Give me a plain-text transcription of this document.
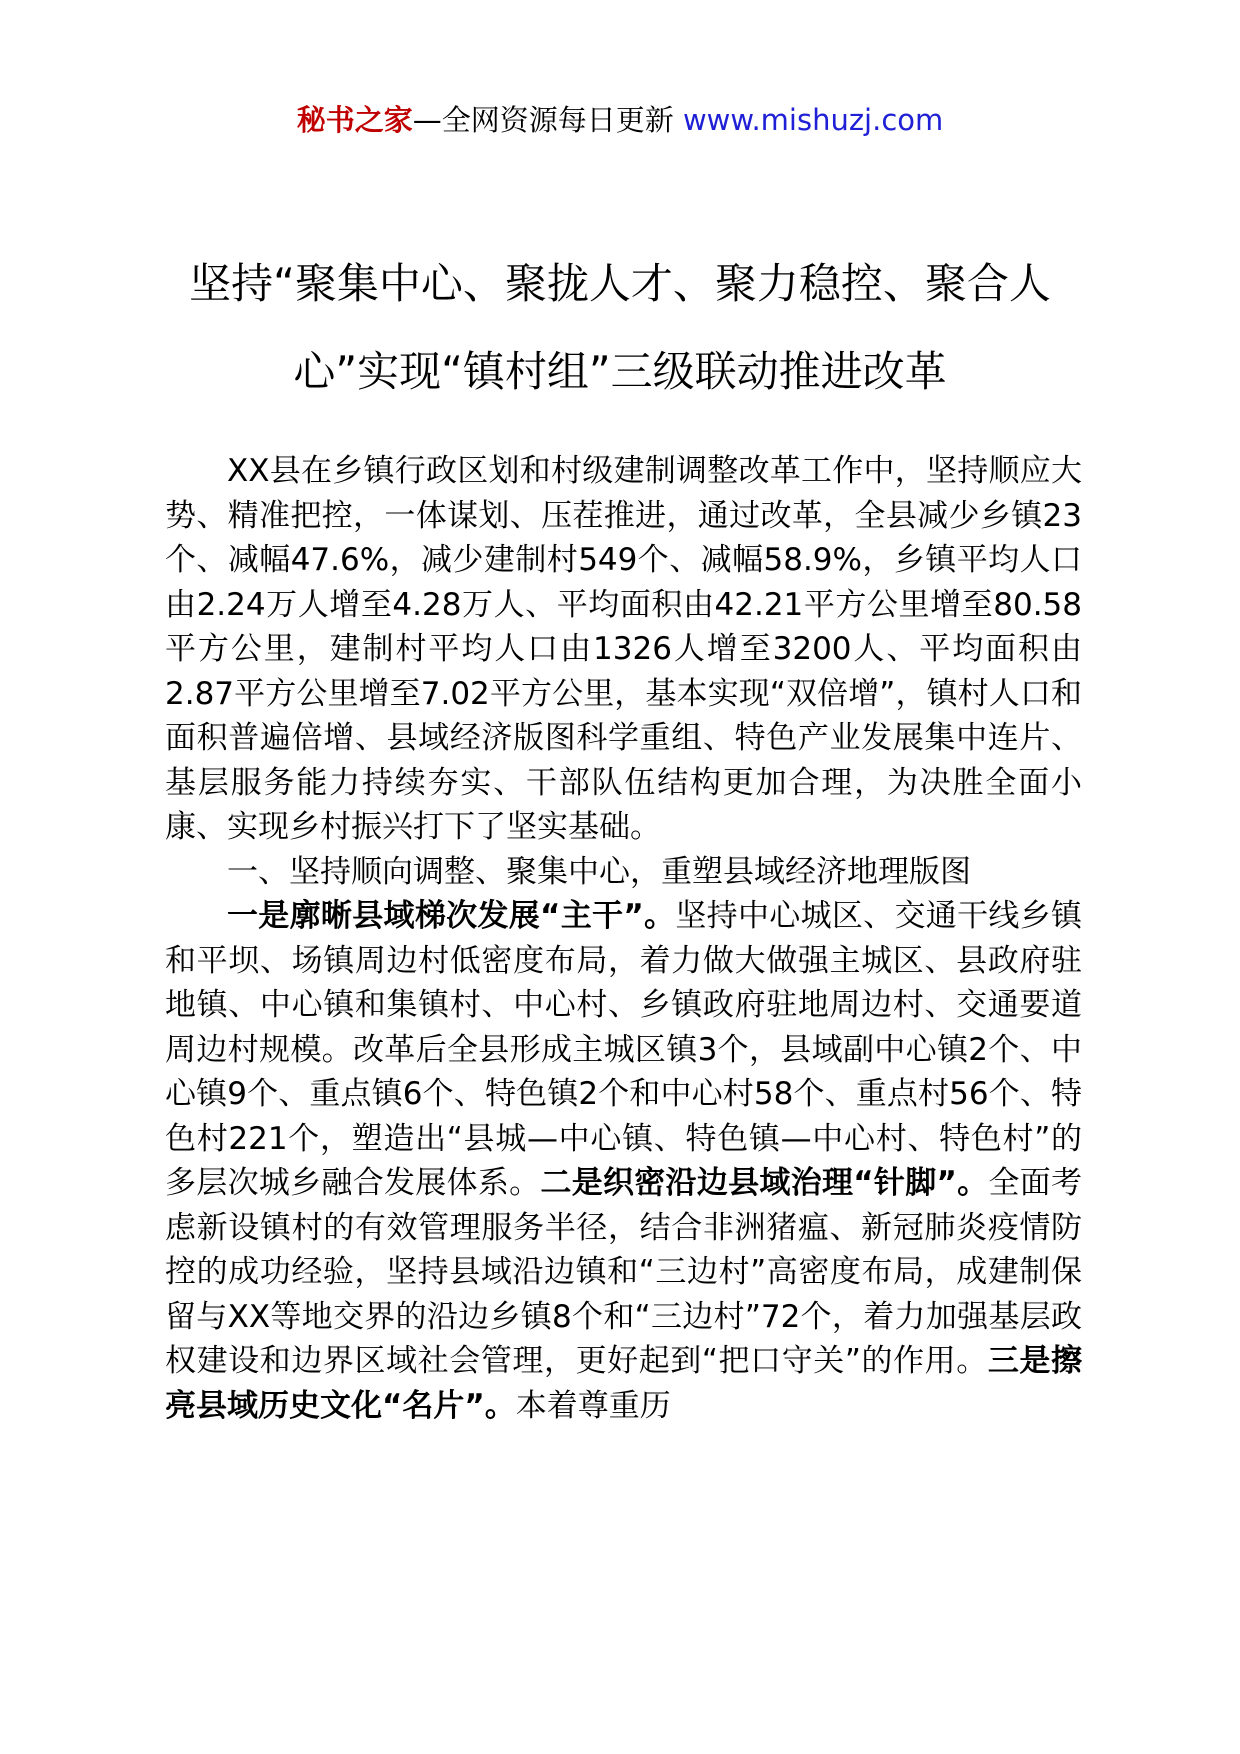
秘书之家—全网资源每日更新 www.mishuzj.com
坚持“聚集中心、聚拢人才、聚力稳控、聚合人心”实现“镇村组”三级联动推进改革

XX县在乡镇行政区划和村级建制调整改革工作中，坚持顺应大势、精准把控，一体谋划、压茬推进，通过改革，全县减少乡镇23个、减幅47.6%，减少建制村549个、减幅58.9%，乡镇平均人口由2.24万人增至4.28万人、平均面积由42.21平方公里增至80.58平方公里，建制村平均人口由1326人增至3200人、平均面积由2.87平方公里增至7.02平方公里，基本实现“双倍增”，镇村人口和面积普遍倍增、县域经济版图科学重组、特色产业发展集中连片、基层服务能力持续夯实、干部队伍结构更加合理，为决胜全面小康、实现乡村振兴打下了坚实基础。

一、坚持顺向调整、聚集中心，重塑县域经济地理版图

一是廓晰县域梯次发展“主干”。坚持中心城区、交通干线乡镇和平坝、场镇周边村低密度布局，着力做大做强主城区、县政府驻地镇、中心镇和集镇村、中心村、乡镇政府驻地周边村、交通要道周边村规模。改革后全县形成主城区镇3个，县域副中心镇2个、中心镇9个、重点镇6个、特色镇2个和中心村58个、重点村56个、特色村221个，塑造出“县城—中心镇、特色镇—中心村、特色村”的多层次城乡融合发展体系。二是织密沿边县域治理“针脚”。全面考虑新设镇村的有效管理服务半径，结合非洲猪瘟、新冠肺炎疫情防控的成功经验，坚持县域沿边镇和“三边村”高密度布局，成建制保留与XX等地交界的沿边乡镇8个和“三边村”72个，着力加强基层政权建设和边界区域社会管理，更好起到“把口守关”的作用。三是擦亮县域历史文化“名片”。本着尊重历
